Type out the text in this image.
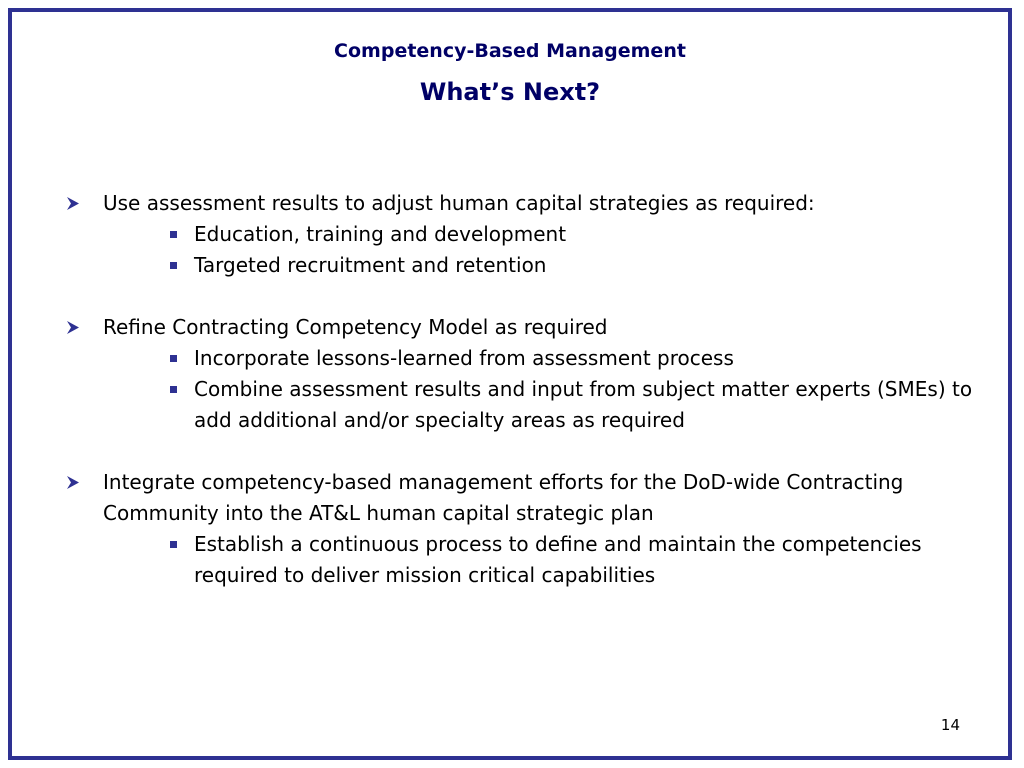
Competency-Based Management
What’s Next?
Use assessment results to adjust human capital strategies as required:
Education, training and development
Targeted recruitment and retention
Refine Contracting Competency Model as required
Incorporate lessons-learned from assessment process
Combine assessment results and input from subject matter experts (SMEs) to add additional and/or specialty areas as required
Integrate competency-based management efforts for the DoD-wide Contracting Community into the AT&L human capital strategic plan
Establish a continuous process to define and maintain the competencies required to deliver mission critical capabilities
14
